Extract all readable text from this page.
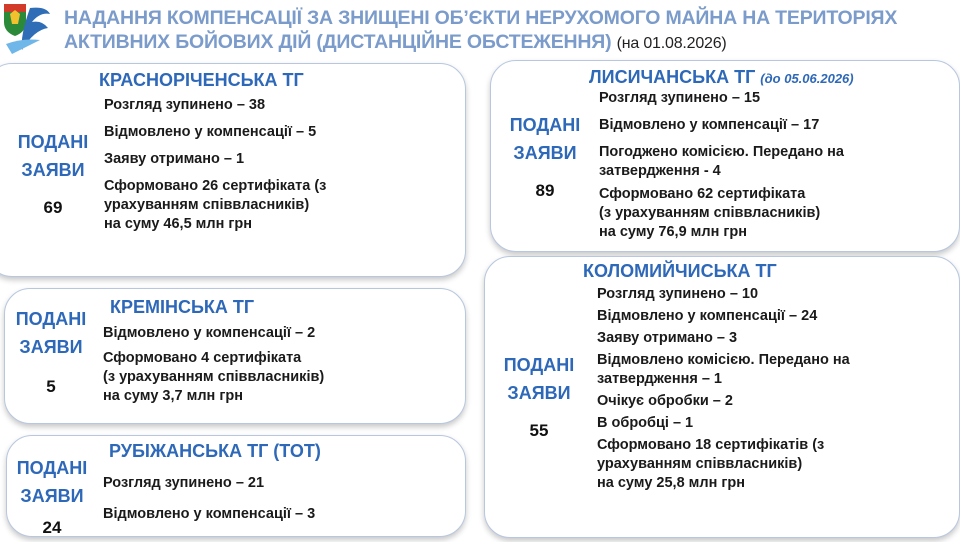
НАДАННЯ КОМПЕНСАЦІЇ ЗА ЗНИЩЕНІ ОБ’ЄКТИ НЕРУХОМОГО МАЙНА НА ТЕРИТОРІЯХ
АКТИВНИХ БОЙОВИХ ДІЙ (ДИСТАНЦІЙНЕ ОБСТЕЖЕННЯ) (на 01.08.2026)
КРАСНОРІЧЕНСЬКА ТГ
ПОДАНІ
ЗАЯВИ
69
Розгляд зупинено – 38
Відмовлено у компенсації – 5
Заяву отримано – 1
Сформовано 26 сертифіката (з
урахуванням співвласників)
на суму 46,5 млн грн
КРЕМІНСЬКА ТГ
ПОДАНІ
ЗАЯВИ
5
Відмовлено у компенсації – 2
Сформовано 4 сертифіката
(з урахуванням співвласників)
на суму 3,7 млн грн
РУБІЖАНСЬКА ТГ (ТОТ)
ПОДАНІ
ЗАЯВИ
24
Розгляд зупинено – 21
Відмовлено у компенсації – 3
ЛИСИЧАНСЬКА ТГ (до 05.06.2026)
ПОДАНІ
ЗАЯВИ
89
Розгляд зупинено – 15
Відмовлено у компенсації – 17
Погоджено комісією. Передано на
затвердження - 4
Сформовано 62 сертифіката
(з урахуванням співвласників)
на суму 76,9 млн грн
КОЛОМИЙЧИСЬКА ТГ
ПОДАНІ
ЗАЯВИ
55
Розгляд зупинено – 10
Відмовлено у компенсації – 24
Заяву отримано – 3
Відмовлено комісією. Передано на
затвердження – 1
Очікує обробки – 2
В обробці – 1
Сформовано 18 сертифікатів (з
урахуванням співвласників)
на суму 25,8 млн грн
